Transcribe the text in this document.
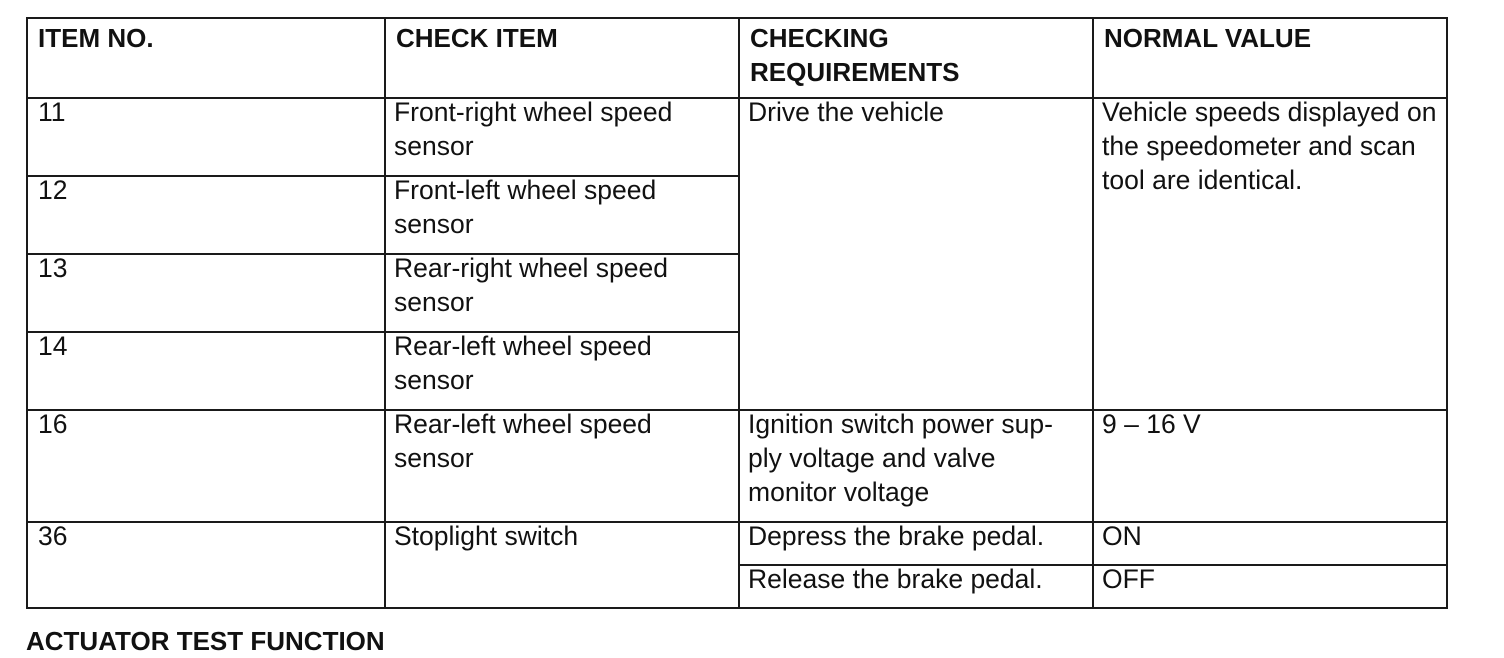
ITEM NO.	CHECK ITEM	CHECKING REQUIREMENTS	NORMAL VALUE

11	Front-right wheel speed sensor	Drive the vehicle	Vehicle speeds displayed on the speedometer and scan tool are identical.

12	Front-left wheel speed sensor		

13	Rear-right wheel speed sensor		

14	Rear-left wheel speed sensor		

16	Rear-left wheel speed sensor	Ignition switch power sup-ply voltage and valve monitor voltage	9 – 16 V

36	Stoplight switch	Depress the brake pedal.	ON

		Release the brake pedal.	OFF
ACTUATOR TEST FUNCTION
